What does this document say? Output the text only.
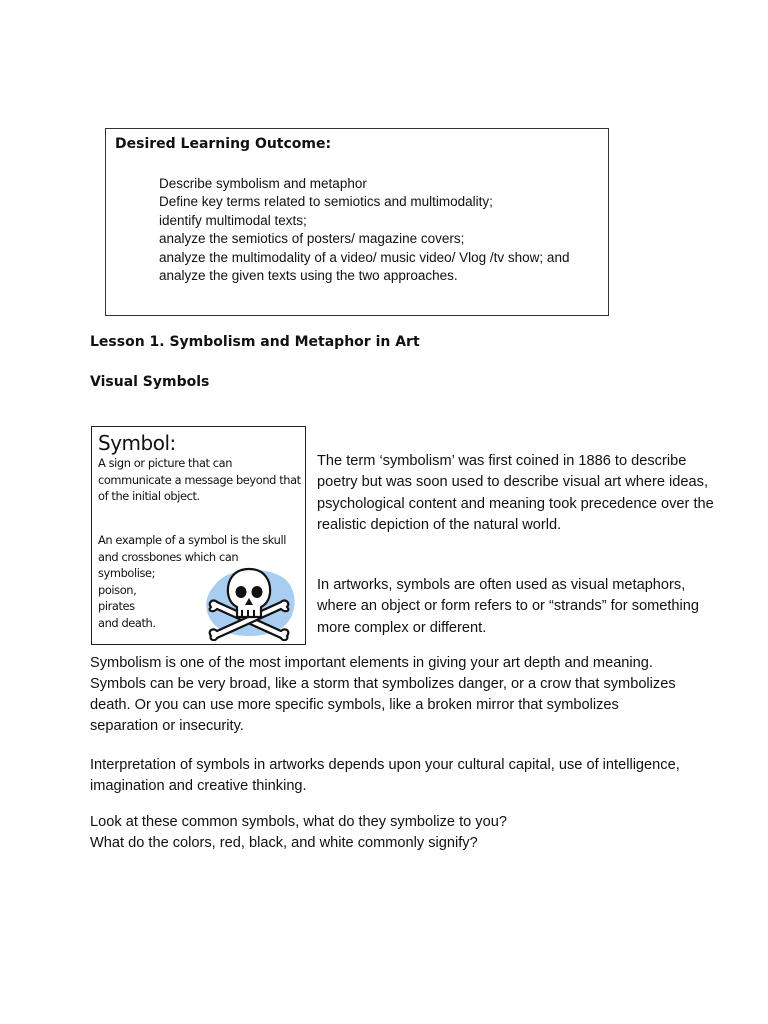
Desired Learning Outcome:
Describe symbolism and metaphor
Define key terms related to semiotics and multimodality;
identify multimodal texts;
analyze the semiotics of posters/ magazine covers;
analyze the multimodality of a video/ music video/ Vlog /tv show; and
analyze the given texts using the two approaches.
Lesson 1. Symbolism and Metaphor in Art
Visual Symbols
Symbol:

A sign or picture that can communicate a message beyond that of the initial object.

An example of a symbol is the skull
and crossbones which can
symbolise;
poison,
pirates
and death.

The term ‘symbolism’ was first coined in 1886 to describe poetry but was soon used to describe visual art where ideas, psychological content and meaning took precedence over the realistic depiction of the natural world.

In artworks, symbols are often used as visual metaphors, where an object or form refers to or “strands” for something more complex or different.

Symbolism is one of the most important elements in giving your art depth and meaning. Symbols can be very broad, like a storm that symbolizes danger, or a crow that symbolizes death. Or you can use more specific symbols, like a broken mirror that symbolizes separation or insecurity.

Interpretation of symbols in artworks depends upon your cultural capital, use of intelligence, imagination and creative thinking.

Look at these common symbols, what do they symbolize to you?

What do the colors, red, black, and white commonly signify?
